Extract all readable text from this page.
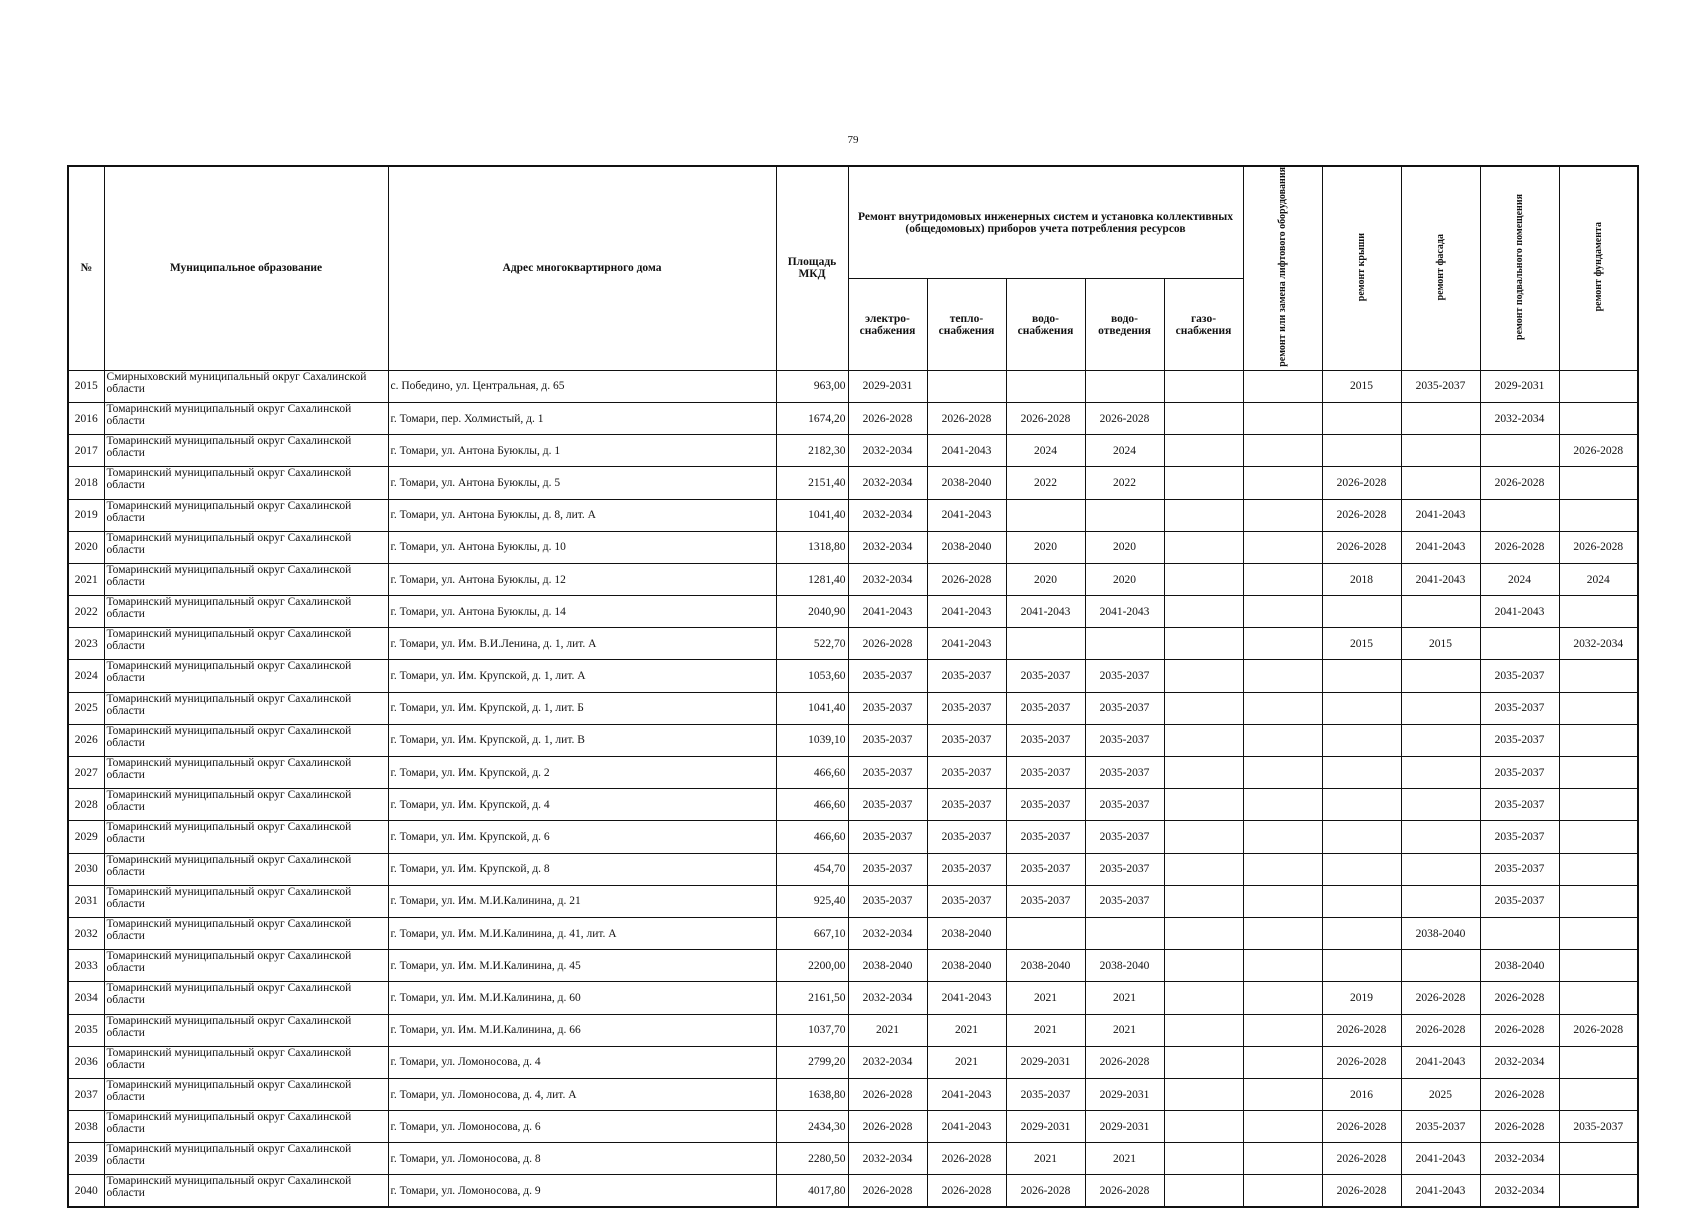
79
№	Муниципальное образование	Адрес многоквартирного дома	Площадь МКД	Ремонт внутридомовых инженерных систем и установка коллективных (общедомовых) приборов учета потребления ресурсов					ремонт или замена лифтового оборудования	ремонт крыши	ремонт фасада	ремонт подвального помещения	ремонт фундамента
				электро-снабжения	тепло-снабжения	водо-снабжения	водо-отведения	газо-снабжения					
2015	Смирныховский муниципальный округ Сахалинской области	с. Победино, ул. Центральная, д. 65	963,00	2029-2031						2015	2035-2037	2029-2031	
2016	Томаринский муниципальный округ Сахалинской области	г. Томари, пер. Холмистый, д. 1	1674,20	2026-2028	2026-2028	2026-2028	2026-2028					2032-2034	
2017	Томаринский муниципальный округ Сахалинской области	г. Томари, ул. Антона Буюклы, д. 1	2182,30	2032-2034	2041-2043	2024	2024						2026-2028
2018	Томаринский муниципальный округ Сахалинской области	г. Томари, ул. Антона Буюклы, д. 5	2151,40	2032-2034	2038-2040	2022	2022			2026-2028		2026-2028	
2019	Томаринский муниципальный округ Сахалинской области	г. Томари, ул. Антона Буюклы, д. 8, лит. А	1041,40	2032-2034	2041-2043					2026-2028	2041-2043		
2020	Томаринский муниципальный округ Сахалинской области	г. Томари, ул. Антона Буюклы, д. 10	1318,80	2032-2034	2038-2040	2020	2020			2026-2028	2041-2043	2026-2028	2026-2028
2021	Томаринский муниципальный округ Сахалинской области	г. Томари, ул. Антона Буюклы, д. 12	1281,40	2032-2034	2026-2028	2020	2020			2018	2041-2043	2024	2024
2022	Томаринский муниципальный округ Сахалинской области	г. Томари, ул. Антона Буюклы, д. 14	2040,90	2041-2043	2041-2043	2041-2043	2041-2043					2041-2043	
2023	Томаринский муниципальный округ Сахалинской области	г. Томари, ул. Им. В.И.Ленина, д. 1, лит. А	522,70	2026-2028	2041-2043					2015	2015		2032-2034
2024	Томаринский муниципальный округ Сахалинской области	г. Томари, ул. Им. Крупской, д. 1, лит. А	1053,60	2035-2037	2035-2037	2035-2037	2035-2037					2035-2037	
2025	Томаринский муниципальный округ Сахалинской области	г. Томари, ул. Им. Крупской, д. 1, лит. Б	1041,40	2035-2037	2035-2037	2035-2037	2035-2037					2035-2037	
2026	Томаринский муниципальный округ Сахалинской области	г. Томари, ул. Им. Крупской, д. 1, лит. В	1039,10	2035-2037	2035-2037	2035-2037	2035-2037					2035-2037	
2027	Томаринский муниципальный округ Сахалинской области	г. Томари, ул. Им. Крупской, д. 2	466,60	2035-2037	2035-2037	2035-2037	2035-2037					2035-2037	
2028	Томаринский муниципальный округ Сахалинской области	г. Томари, ул. Им. Крупской, д. 4	466,60	2035-2037	2035-2037	2035-2037	2035-2037					2035-2037	
2029	Томаринский муниципальный округ Сахалинской области	г. Томари, ул. Им. Крупской, д. 6	466,60	2035-2037	2035-2037	2035-2037	2035-2037					2035-2037	
2030	Томаринский муниципальный округ Сахалинской области	г. Томари, ул. Им. Крупской, д. 8	454,70	2035-2037	2035-2037	2035-2037	2035-2037					2035-2037	
2031	Томаринский муниципальный округ Сахалинской области	г. Томари, ул. Им. М.И.Калинина, д. 21	925,40	2035-2037	2035-2037	2035-2037	2035-2037					2035-2037	
2032	Томаринский муниципальный округ Сахалинской области	г. Томари, ул. Им. М.И.Калинина, д. 41, лит. А	667,10	2032-2034	2038-2040						2038-2040		
2033	Томаринский муниципальный округ Сахалинской области	г. Томари, ул. Им. М.И.Калинина, д. 45	2200,00	2038-2040	2038-2040	2038-2040	2038-2040					2038-2040	
2034	Томаринский муниципальный округ Сахалинской области	г. Томари, ул. Им. М.И.Калинина, д. 60	2161,50	2032-2034	2041-2043	2021	2021			2019	2026-2028	2026-2028	
2035	Томаринский муниципальный округ Сахалинской области	г. Томари, ул. Им. М.И.Калинина, д. 66	1037,70	2021	2021	2021	2021			2026-2028	2026-2028	2026-2028	2026-2028
2036	Томаринский муниципальный округ Сахалинской области	г. Томари, ул. Ломоносова, д. 4	2799,20	2032-2034	2021	2029-2031	2026-2028			2026-2028	2041-2043	2032-2034	
2037	Томаринский муниципальный округ Сахалинской области	г. Томари, ул. Ломоносова, д. 4, лит. А	1638,80	2026-2028	2041-2043	2035-2037	2029-2031			2016	2025	2026-2028	
2038	Томаринский муниципальный округ Сахалинской области	г. Томари, ул. Ломоносова, д. 6	2434,30	2026-2028	2041-2043	2029-2031	2029-2031			2026-2028	2035-2037	2026-2028	2035-2037
2039	Томаринский муниципальный округ Сахалинской области	г. Томари, ул. Ломоносова, д. 8	2280,50	2032-2034	2026-2028	2021	2021			2026-2028	2041-2043	2032-2034	
2040	Томаринский муниципальный округ Сахалинской области	г. Томари, ул. Ломоносова, д. 9	4017,80	2026-2028	2026-2028	2026-2028	2026-2028			2026-2028	2041-2043	2032-2034	
